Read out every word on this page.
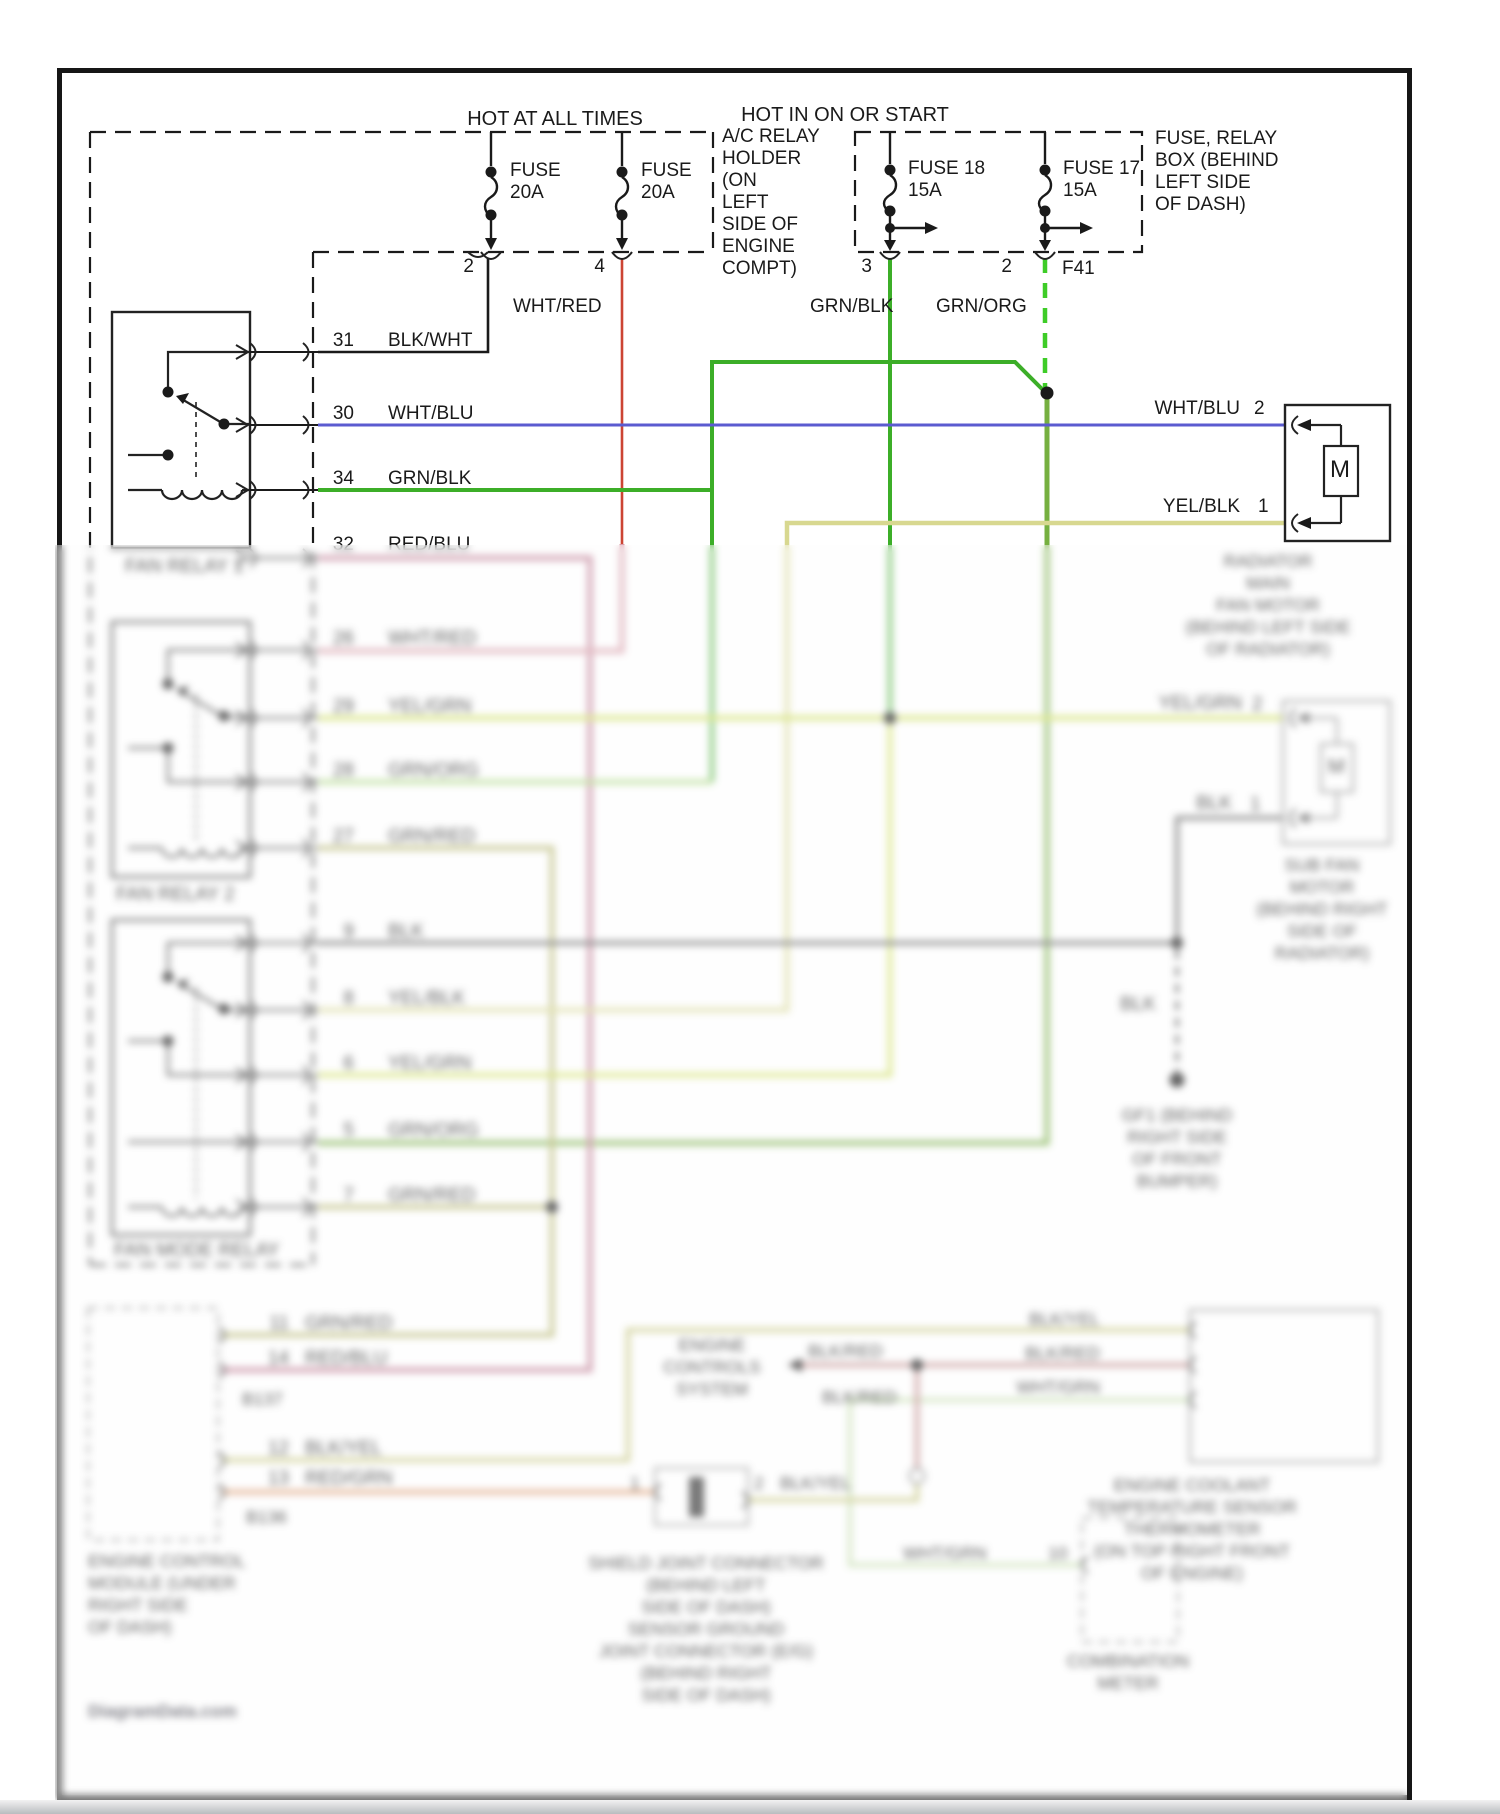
HOT AT ALL TIMES	HOT IN ON OR START
FUSE
20A
FUSE
20A
FUSE 18
15A
FUSE 17
15A
A/C RELAY
HOLDER
(ON
LEFT
SIDE OF
ENGINE
COMPT)
FUSE, RELAY
BOX (BEHIND
LEFT SIDE
OF DASH)
2	4	3	2	F41
WHT/RED	GRN/BLK GRN/ORG
31 BLK/WHT
30 WHT/BLU
34 GRN/BLK
32 RED/BLU
26 WHT/RED
29 YEL/GRN
28 GRN/ORG
27 GRN/RED
9 BLK
8 YEL/BLK
6 YEL/GRN
5 GRN/ORG
7 GRN/RED
FAN RELAY 1
FAN RELAY 2
FAN MODE RELAY
WHT/BLU 2
YEL/BLK 1
M
YEL/GRN 2
BLK 1
M
RADIATOR
MAIN
FAN MOTOR
(BEHIND LEFT SIDE
OF RADIATOR)
SUB FAN
MOTOR
(BEHIND RIGHT
SIDE OF
RADIATOR)
BLK
GF1 (BEHIND
RIGHT SIDE
OF FRONT
BUMPER)
11 GRN/RED
14 RED/BLU
B137
12 BLK/YEL
13 RED/GRN
B136
ENGINE CONTROL
MODULE (UNDER
RIGHT SIDE
OF DASH)
ENGINE
CONTROLS
SYSTEM
BLK/RED
BLK/RED
BLK/YEL
BLK/RED
WHT/GRN
ENGINE COOLANT
TEMPERATURE SENSOR
THERMOMETER
(ON TOP RIGHT FRONT
OF ENGINE)
1	2 BLK/YEL
SHIELD JOINT CONNECTOR
(BEHIND LEFT
SIDE OF DASH)
SENSOR GROUND
JOINT CONNECTOR (E/G)
(BEHIND RIGHT
SIDE OF DASH)
WHT/GRN	10
COMBINATION
METER
DiagramData.com
